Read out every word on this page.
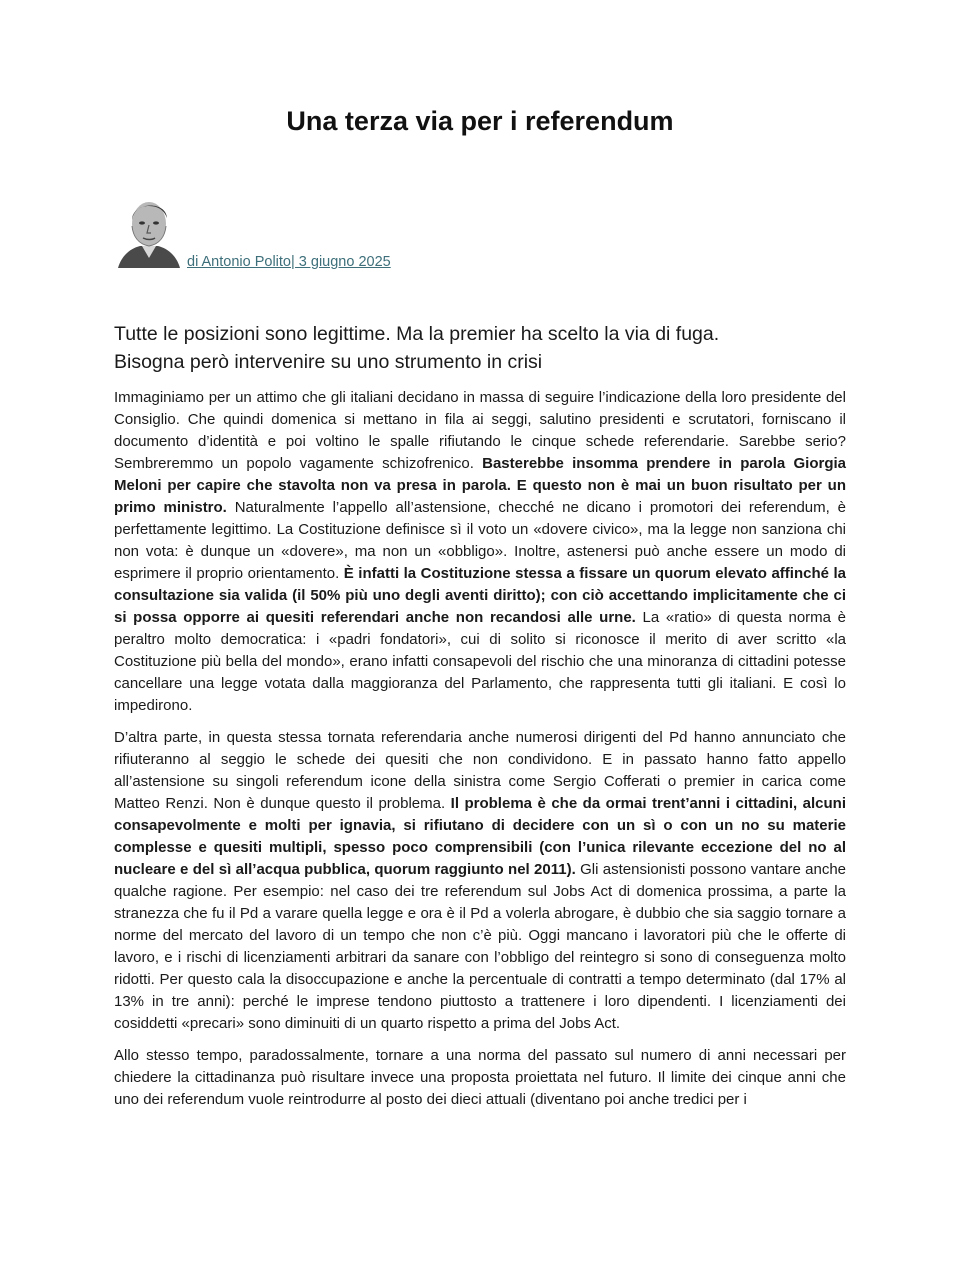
Una terza via per i referendum
di Antonio Polito| 3 giugno 2025
Tutte le posizioni sono legittime. Ma la premier ha scelto la via di fuga.
Bisogna però intervenire su uno strumento in crisi

Immaginiamo per un attimo che gli italiani decidano in massa di seguire l’indicazione della loro presidente del Consiglio. Che quindi domenica si mettano in fila ai seggi, salutino presidenti e scrutatori, forniscano il documento d’identità e poi voltino le spalle rifiutando le cinque schede referendarie. Sarebbe serio? Sembreremmo un popolo vagamente schizofrenico. Basterebbe insomma prendere in parola Giorgia Meloni per capire che stavolta non va presa in parola. E questo non è mai un buon risultato per un primo ministro. Naturalmente l’appello all’astensione, checché ne dicano i promotori dei referendum, è perfettamente legittimo. La Costituzione definisce sì il voto un «dovere civico», ma la legge non sanziona chi non vota: è dunque un «dovere», ma non un «obbligo». Inoltre, astenersi può anche essere un modo di esprimere il proprio orientamento. È infatti la Costituzione stessa a fissare un quorum elevato affinché la consultazione sia valida (il 50% più uno degli aventi diritto); con ciò accettando implicitamente che ci si possa opporre ai quesiti referendari anche non recandosi alle urne. La «ratio» di questa norma è peraltro molto democratica: i «padri fondatori», cui di solito si riconosce il merito di aver scritto «la Costituzione più bella del mondo», erano infatti consapevoli del rischio che una minoranza di cittadini potesse cancellare una legge votata dalla maggioranza del Parlamento, che rappresenta tutti gli italiani. E così lo impedirono.

D’altra parte, in questa stessa tornata referendaria anche numerosi dirigenti del Pd hanno annunciato che rifiuteranno al seggio le schede dei quesiti che non condividono. E in passato hanno fatto appello all’astensione su singoli referendum icone della sinistra come Sergio Cofferati o premier in carica come Matteo Renzi. Non è dunque questo il problema. Il problema è che da ormai trent’anni i cittadini, alcuni consapevolmente e molti per ignavia, si rifiutano di decidere con un sì o con un no su materie complesse e quesiti multipli, spesso poco comprensibili (con l’unica rilevante eccezione del no al nucleare e del sì all’acqua pubblica, quorum raggiunto nel 2011). Gli astensionisti possono vantare anche qualche ragione. Per esempio: nel caso dei tre referendum sul Jobs Act di domenica prossima, a parte la stranezza che fu il Pd a varare quella legge e ora è il Pd a volerla abrogare, è dubbio che sia saggio tornare a norme del mercato del lavoro di un tempo che non c’è più. Oggi mancano i lavoratori più che le offerte di lavoro, e i rischi di licenziamenti arbitrari da sanare con l’obbligo del reintegro si sono di conseguenza molto ridotti. Per questo cala la disoccupazione e anche la percentuale di contratti a tempo determinato (dal 17% al 13% in tre anni): perché le imprese tendono piuttosto a trattenere i loro dipendenti. I licenziamenti dei cosiddetti «precari» sono diminuiti di un quarto rispetto a prima del Jobs Act.

Allo stesso tempo, paradossalmente, tornare a una norma del passato sul numero di anni necessari per chiedere la cittadinanza può risultare invece una proposta proiettata nel futuro. Il limite dei cinque anni che uno dei referendum vuole reintrodurre al posto dei dieci attuali (diventano poi anche tredici per i
